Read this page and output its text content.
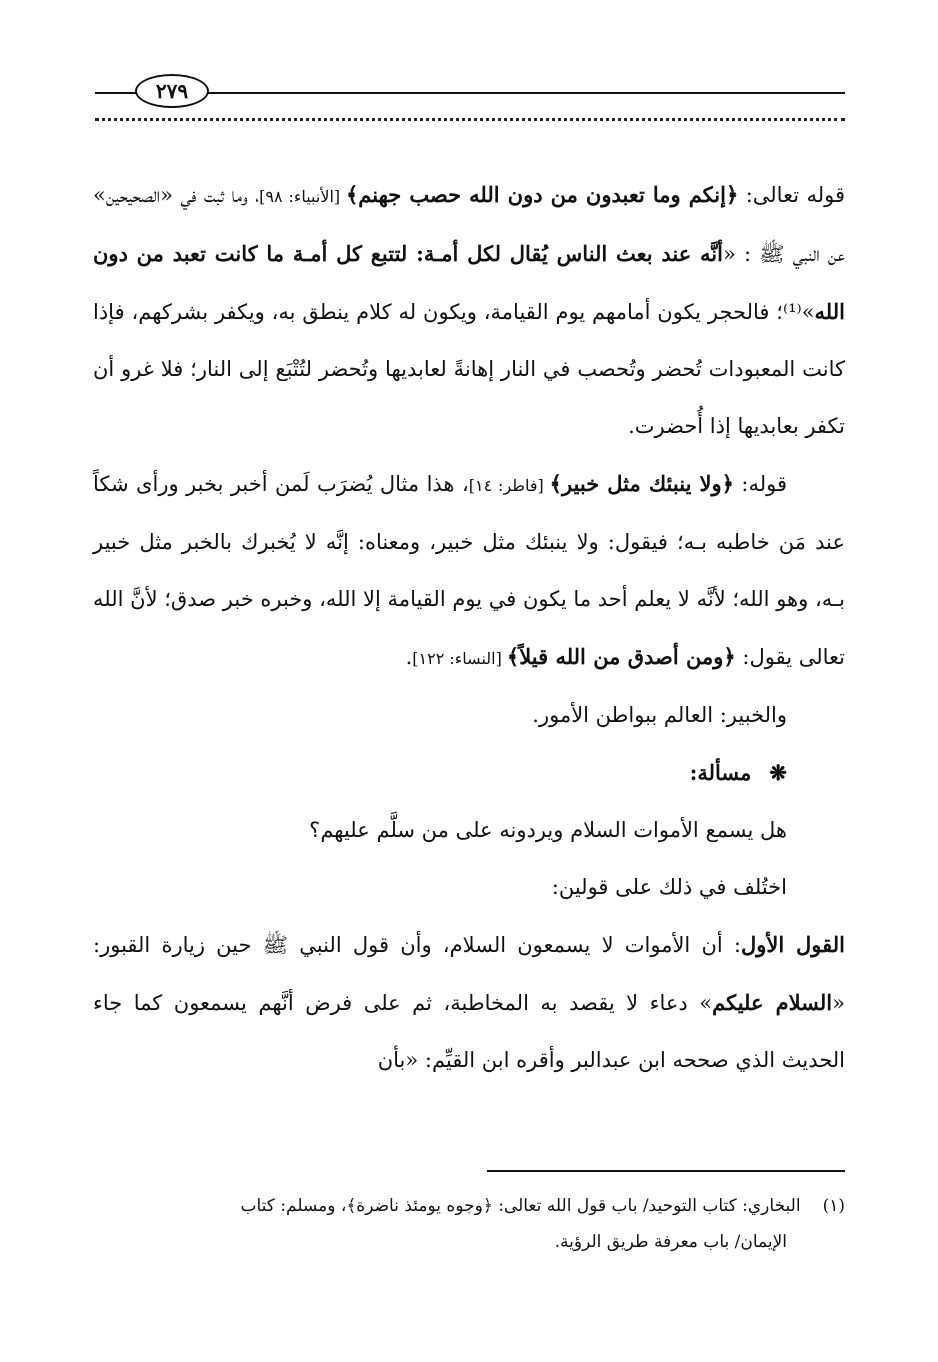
٢٧٩

قوله تعالى: ﴿إنكم وما تعبدون من دون الله حصب جهنم﴾ [الأنبياء: ٩٨]، وما ثبت في «الصحيحين» عن النبي ﷺ : «أنَّه عند بعث الناس يُقال لكل أمـة: لتتبع كل أمـة ما كانت تعبد من دون الله»⁽¹⁾؛ فالحجر يكون أمامهم يوم القيامة، ويكون له كلام ينطق به، ويكفر بشركهم، فإذا كانت المعبودات تُحضر وتُحصب في النار إهانةً لعابديها وتُحضر لتُتْبَع إلى النار؛ فلا غرو أن تكفر بعابديها إذا أُحضرت.

قوله: ﴿ولا ينبئك مثل خبير﴾ [فاطر: ١٤]، هذا مثال يُضرَب لَمن أخبر بخبر ورأى شكاً عند مَن خاطبه بـه؛ فيقول: ولا ينبئك مثل خبير، ومعناه: إنَّه لا يُخبرك بالخبر مثل خبير بـه، وهو الله؛ لأنَّه لا يعلم أحد ما يكون في يوم القيامة إلا الله، وخبره خبر صدق؛ لأنَّ الله تعالى يقول: ﴿ومن أصدق من الله قيلاً﴾ [النساء: ١٢٢].

والخبير: العالم ببواطن الأمور.

❋مسألة:

هل يسمع الأموات السلام ويردونه على من سلَّم عليهم؟

اختُلف في ذلك على قولين:

القول الأول: أن الأموات لا يسمعون السلام، وأن قول النبي ﷺ حين زيارة القبور: «السلام عليكم» دعاء لا يقصد به المخاطبة، ثم على فرض أنَّهم يسمعون كما جاء الحديث الذي صححه ابن عبدالبر وأقره ابن القيِّم: «بأن

(١)البخاري: كتاب التوحيد/ باب قول الله تعالى: ﴿وجوه يومئذ ناضرة﴾، ومسلم: كتاب

الإيمان/ باب معرفة طريق الرؤية.
